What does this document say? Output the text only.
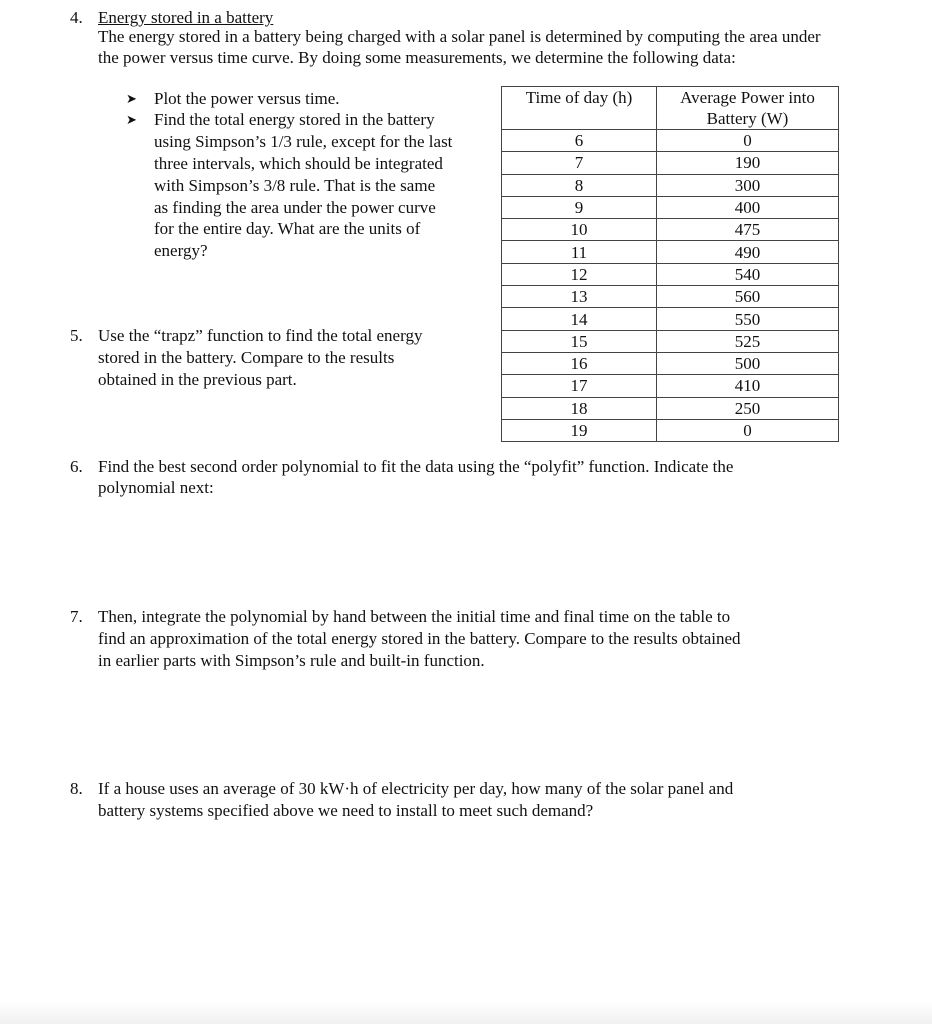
4. Energy stored in a battery
The energy stored in a battery being charged with a solar panel is determined by computing the area under
the power versus time curve. By doing some measurements, we determine the following data:
➤ Plot the power versus time.
➤ Find the total energy stored in the battery
using Simpson’s 1/3 rule, except for the last
three intervals, which should be integrated
with Simpson’s 3/8 rule. That is the same
as finding the area under the power curve
for the entire day. What are the units of
energy?
Time of day (h)	Average Power into
Battery (W)

6	0
7	190
8	300
9	400
10	475
11	490
12	540
13	560
14	550
15	525
16	500
17	410
18	250
19	0
5. Use the “trapz” function to find the total energy
stored in the battery. Compare to the results
obtained in the previous part.
6. Find the best second order polynomial to fit the data using the “polyfit” function. Indicate the
polynomial next:
7. Then, integrate the polynomial by hand between the initial time and final time on the table to
find an approximation of the total energy stored in the battery. Compare to the results obtained
in earlier parts with Simpson’s rule and built-in function.
8. If a house uses an average of 30 kW·h of electricity per day, how many of the solar panel and
battery systems specified above we need to install to meet such demand?
